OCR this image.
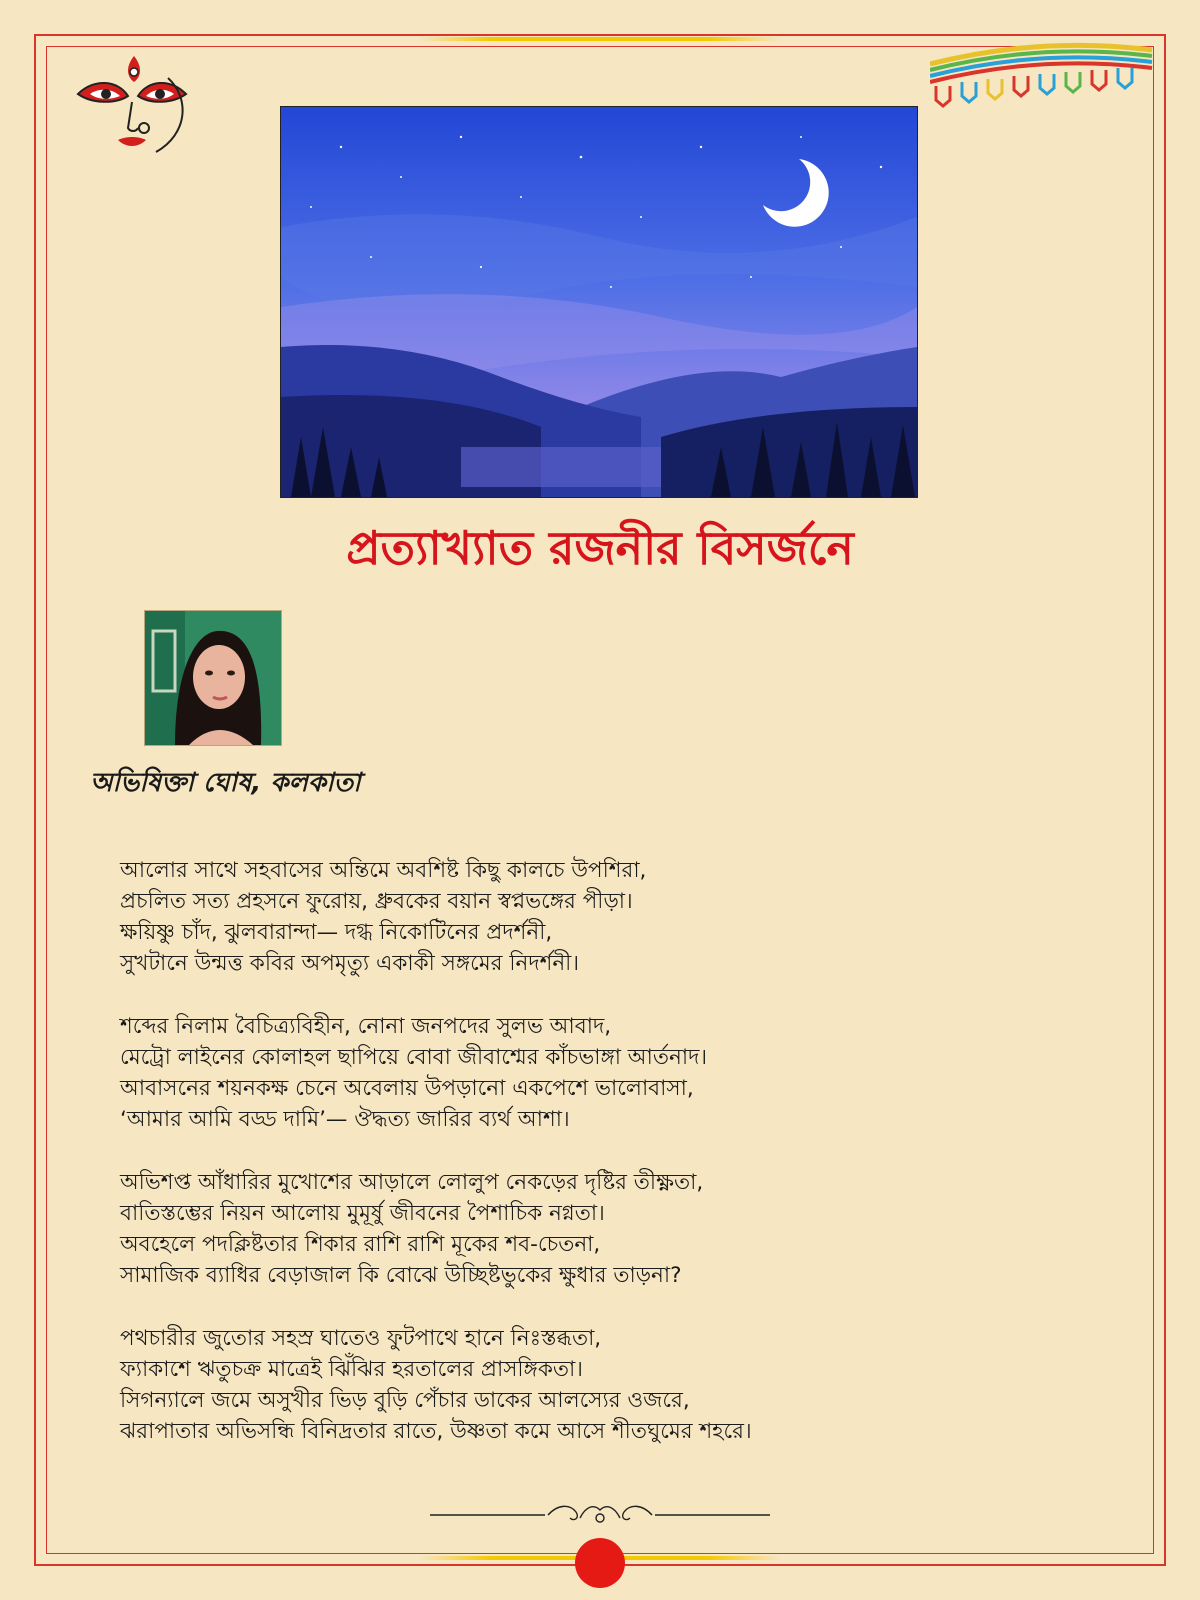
প্রত্যাখ্যাত রজনীর বিসর্জনে
অভিষিক্তা ঘোষ, কলকাতা
আলোর সাথে সহবাসের অন্তিমে অবশিষ্ট কিছু কালচে উপশিরা,
প্রচলিত সত্য প্রহসনে ফুরোয়, ধ্রুবকের বয়ান স্বপ্নভঙ্গের পীড়া।
ক্ষয়িষ্ণু চাঁদ, ঝুলবারান্দা— দগ্ধ নিকোটিনের প্রদর্শনী,
সুখটানে উন্মত্ত কবির অপমৃত্যু একাকী সঙ্গমের নিদর্শনী।
শব্দের নিলাম বৈচিত্র্যবিহীন, নোনা জনপদের সুলভ আবাদ,
মেট্রো লাইনের কোলাহল ছাপিয়ে বোবা জীবাশ্মের কাঁচভাঙ্গা আর্তনাদ।
আবাসনের শয়নকক্ষ চেনে অবেলায় উপড়ানো একপেশে ভালোবাসা,
‘আমার আমি বড্ড দামি’— ঔদ্ধত্য জারির ব্যর্থ আশা।
অভিশপ্ত আঁধারির মুখোশের আড়ালে লোলুপ নেকড়ের দৃষ্টির তীক্ষ্ণতা,
বাতিস্তম্ভের নিয়ন আলোয় মুমূর্ষু জীবনের পৈশাচিক নগ্নতা।
অবহেলে পদক্লিষ্টতার শিকার রাশি রাশি মূকের শব-চেতনা,
সামাজিক ব্যাধির বেড়াজাল কি বোঝে উচ্ছিষ্টভুকের ক্ষুধার তাড়না?
পথচারীর জুতোর সহস্র ঘাতেও ফুটপাথে হানে নিঃস্তব্ধতা,
ফ্যাকাশে ঋতুচক্র মাত্রেই ঝিঁঝির হরতালের প্রাসঙ্গিকতা।
সিগন্যালে জমে অসুখীর ভিড় বুড়ি পেঁচার ডাকের আলস্যের ওজরে,
ঝরাপাতার অভিসন্ধি বিনিদ্রতার রাতে, উষ্ণতা কমে আসে শীতঘুমের শহরে।
